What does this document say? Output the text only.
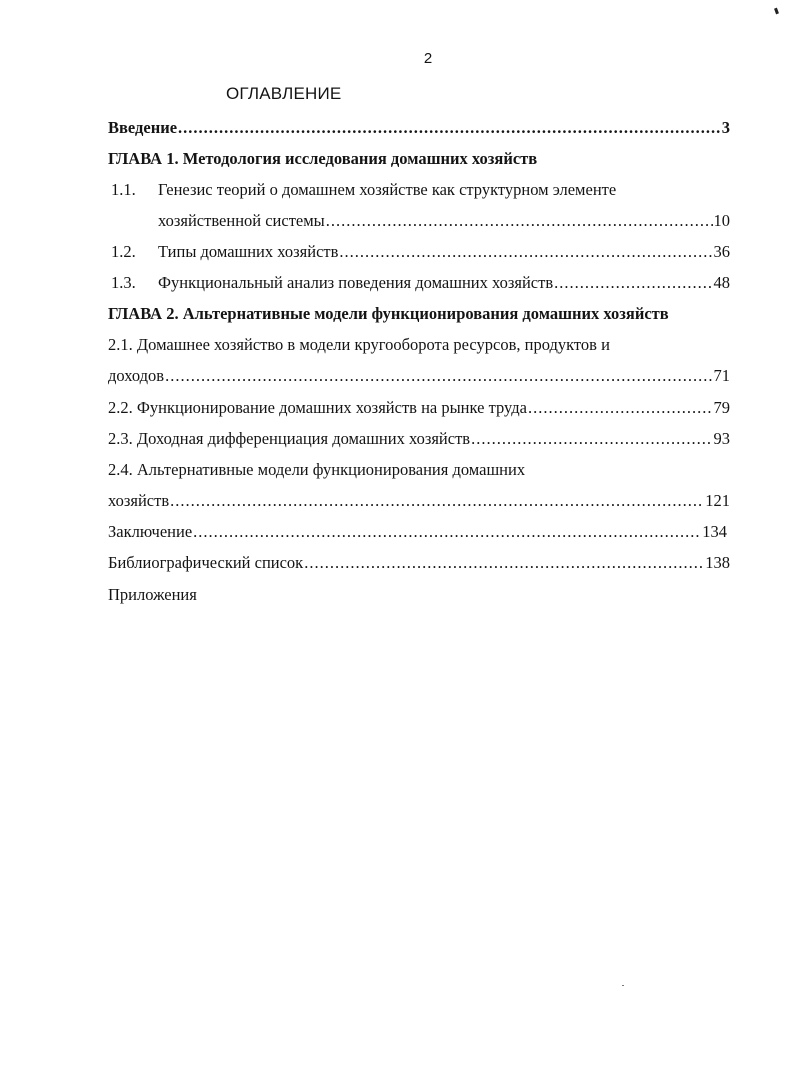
2
ОГЛАВЛЕНИЕ
Введение .....	3
ГЛАВА 1. Методология исследования домашних хозяйств
1.1. Генезис теорий о домашнем хозяйстве как структурном элементе
хозяйственной системы .....	10
1.2. Типы домашних хозяйств .....	36
1.3. Функциональный анализ поведения домашних хозяйств .....	48
ГЛАВА 2. Альтернативные модели функционирования домашних хозяйств
2.1. Домашнее хозяйство в модели кругооборота ресурсов, продуктов и
доходов .....	71
2.2. Функционирование домашних хозяйств на рынке труда .....	79
2.3. Доходная дифференциация домашних хозяйств .....	93
2.4. Альтернативные модели функционирования домашних
хозяйств .....	121
Заключение .....	134
Библиографический список .....	138
Приложения
